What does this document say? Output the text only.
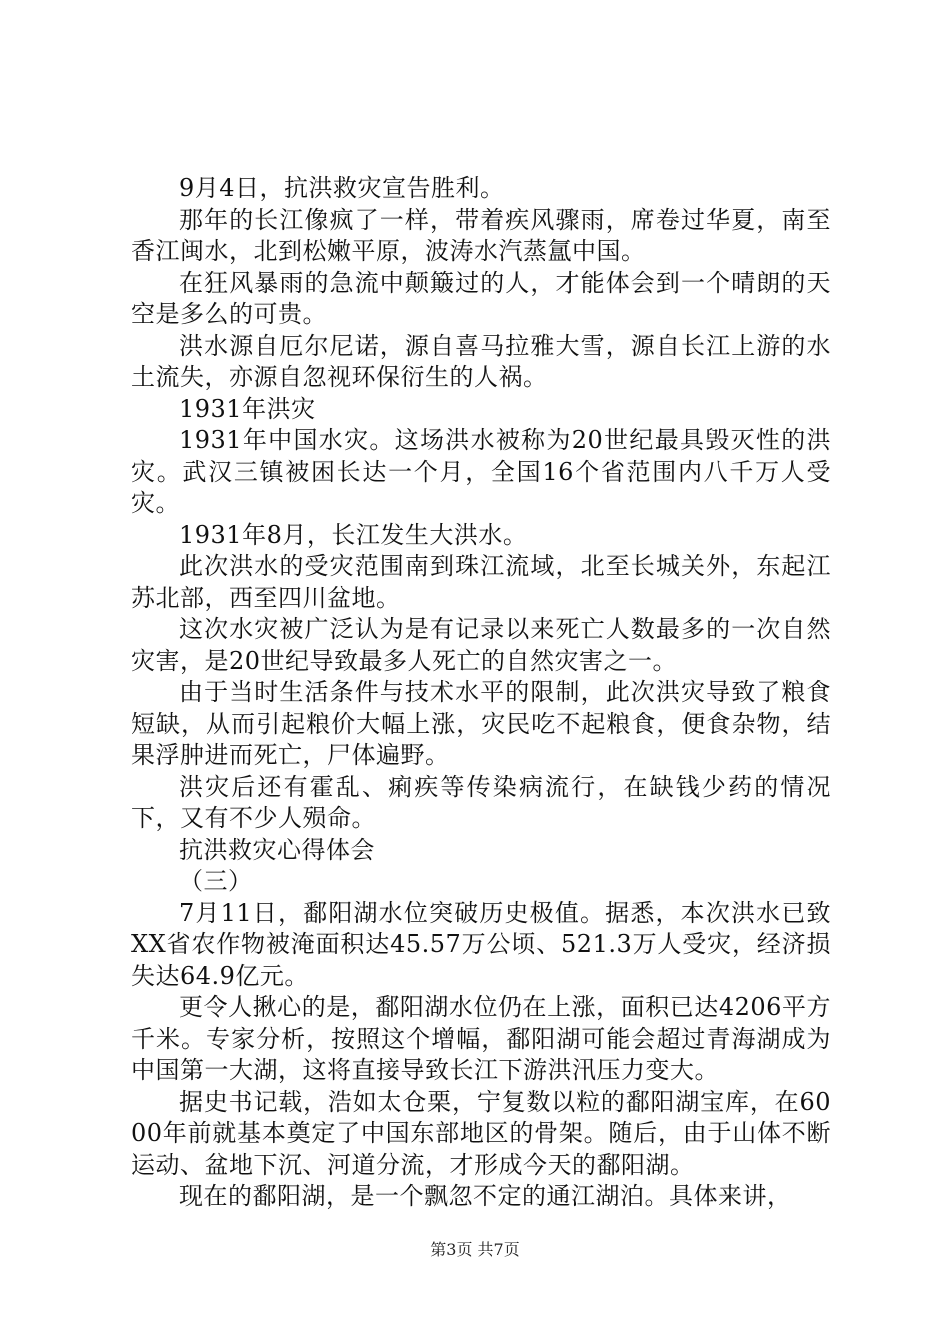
9月4日，抗洪救灾宣告胜利。

那年的长江像疯了一样，带着疾风骤雨，席卷过华夏，南至香江闽水，北到松嫩平原，波涛水汽蒸氲中国。

在狂风暴雨的急流中颠簸过的人，才能体会到一个晴朗的天空是多么的可贵。

洪水源自厄尔尼诺，源自喜马拉雅大雪，源自长江上游的水土流失，亦源自忽视环保衍生的人祸。

1931年洪灾

1931年中国水灾。这场洪水被称为20世纪最具毁灭性的洪灾。武汉三镇被困长达一个月，全国16个省范围内八千万人受灾。

1931年8月，长江发生大洪水。

此次洪水的受灾范围南到珠江流域，北至长城关外，东起江苏北部，西至四川盆地。

这次水灾被广泛认为是有记录以来死亡人数最多的一次自然灾害，是20世纪导致最多人死亡的自然灾害之一。

由于当时生活条件与技术水平的限制，此次洪灾导致了粮食短缺，从而引起粮价大幅上涨，灾民吃不起粮食，便食杂物，结果浮肿进而死亡，尸体遍野。

洪灾后还有霍乱、痢疾等传染病流行，在缺钱少药的情况下，又有不少人殒命。

抗洪救灾心得体会

（三）

7月11日，鄱阳湖水位突破历史极值。据悉，本次洪水已致XX省农作物被淹面积达45.57万公顷、521.3万人受灾，经济损失达64.9亿元。

更令人揪心的是，鄱阳湖水位仍在上涨，面积已达4206平方千米。专家分析，按照这个增幅，鄱阳湖可能会超过青海湖成为中国第一大湖，这将直接导致长江下游洪汛压力变大。

据史书记载，浩如太仓栗，宁复数以粒的鄱阳湖宝库，在6000年前就基本奠定了中国东部地区的骨架。随后，由于山体不断运动、盆地下沉、河道分流，才形成今天的鄱阳湖。

现在的鄱阳湖，是一个飘忽不定的通江湖泊。具体来讲，

第3页 共7页
